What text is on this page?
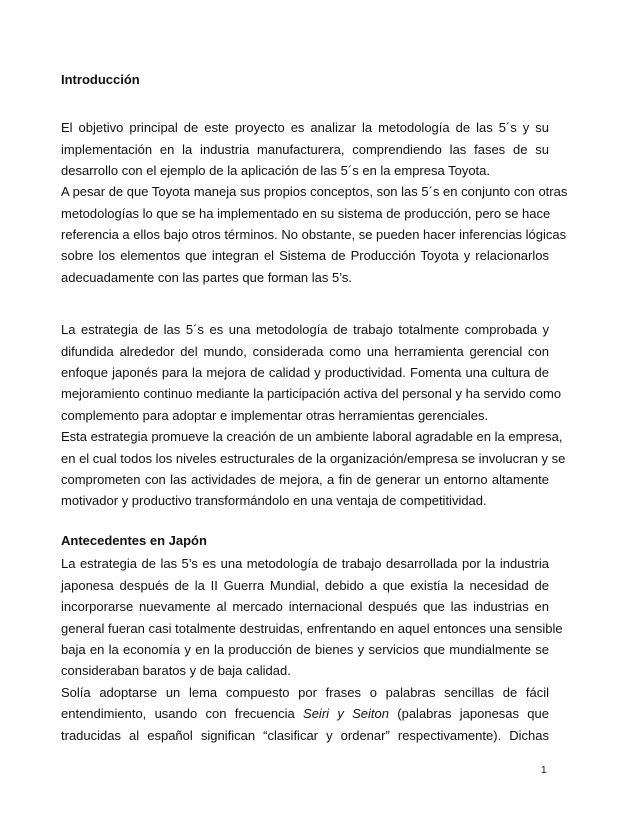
Introducción
El objetivo principal de este proyecto es analizar la metodología de las 5´s y su
implementación en la industria manufacturera, comprendiendo las fases de su
desarrollo con el ejemplo de la aplicación de las 5´s en la empresa Toyota.
A pesar de que Toyota maneja sus propios conceptos, son las 5´s en conjunto con otras
metodologías lo que se ha implementado en su sistema de producción, pero se hace
referencia a ellos bajo otros términos. No obstante, se pueden hacer inferencias lógicas
sobre los elementos que integran el Sistema de Producción Toyota y relacionarlos
adecuadamente con las partes que forman las 5’s.
La estrategia de las 5´s es una metodología de trabajo totalmente comprobada y
difundida alrededor del mundo, considerada como una herramienta gerencial con
enfoque japonés para la mejora de calidad y productividad. Fomenta una cultura de
mejoramiento continuo mediante la participación activa del personal y ha servido como
complemento para adoptar e implementar otras herramientas gerenciales.
Esta estrategia promueve la creación de un ambiente laboral agradable en la empresa,
en el cual todos los niveles estructurales de la organización/empresa se involucran y se
comprometen con las actividades de mejora, a fin de generar un entorno altamente
motivador y productivo transformándolo en una ventaja de competitividad.
Antecedentes en Japón
La estrategia de las 5’s es una metodología de trabajo desarrollada por la industria
japonesa después de la II Guerra Mundial, debido a que existía la necesidad de
incorporarse nuevamente al mercado internacional después que las industrias en
general fueran casi totalmente destruidas, enfrentando en aquel entonces una sensible
baja en la economía y en la producción de bienes y servicios que mundialmente se
consideraban baratos y de baja calidad.
Solía adoptarse un lema compuesto por frases o palabras sencillas de fácil
entendimiento, usando con frecuencia Seiri y Seiton (palabras japonesas que
traducidas al español significan “clasificar y ordenar” respectivamente). Dichas
1
